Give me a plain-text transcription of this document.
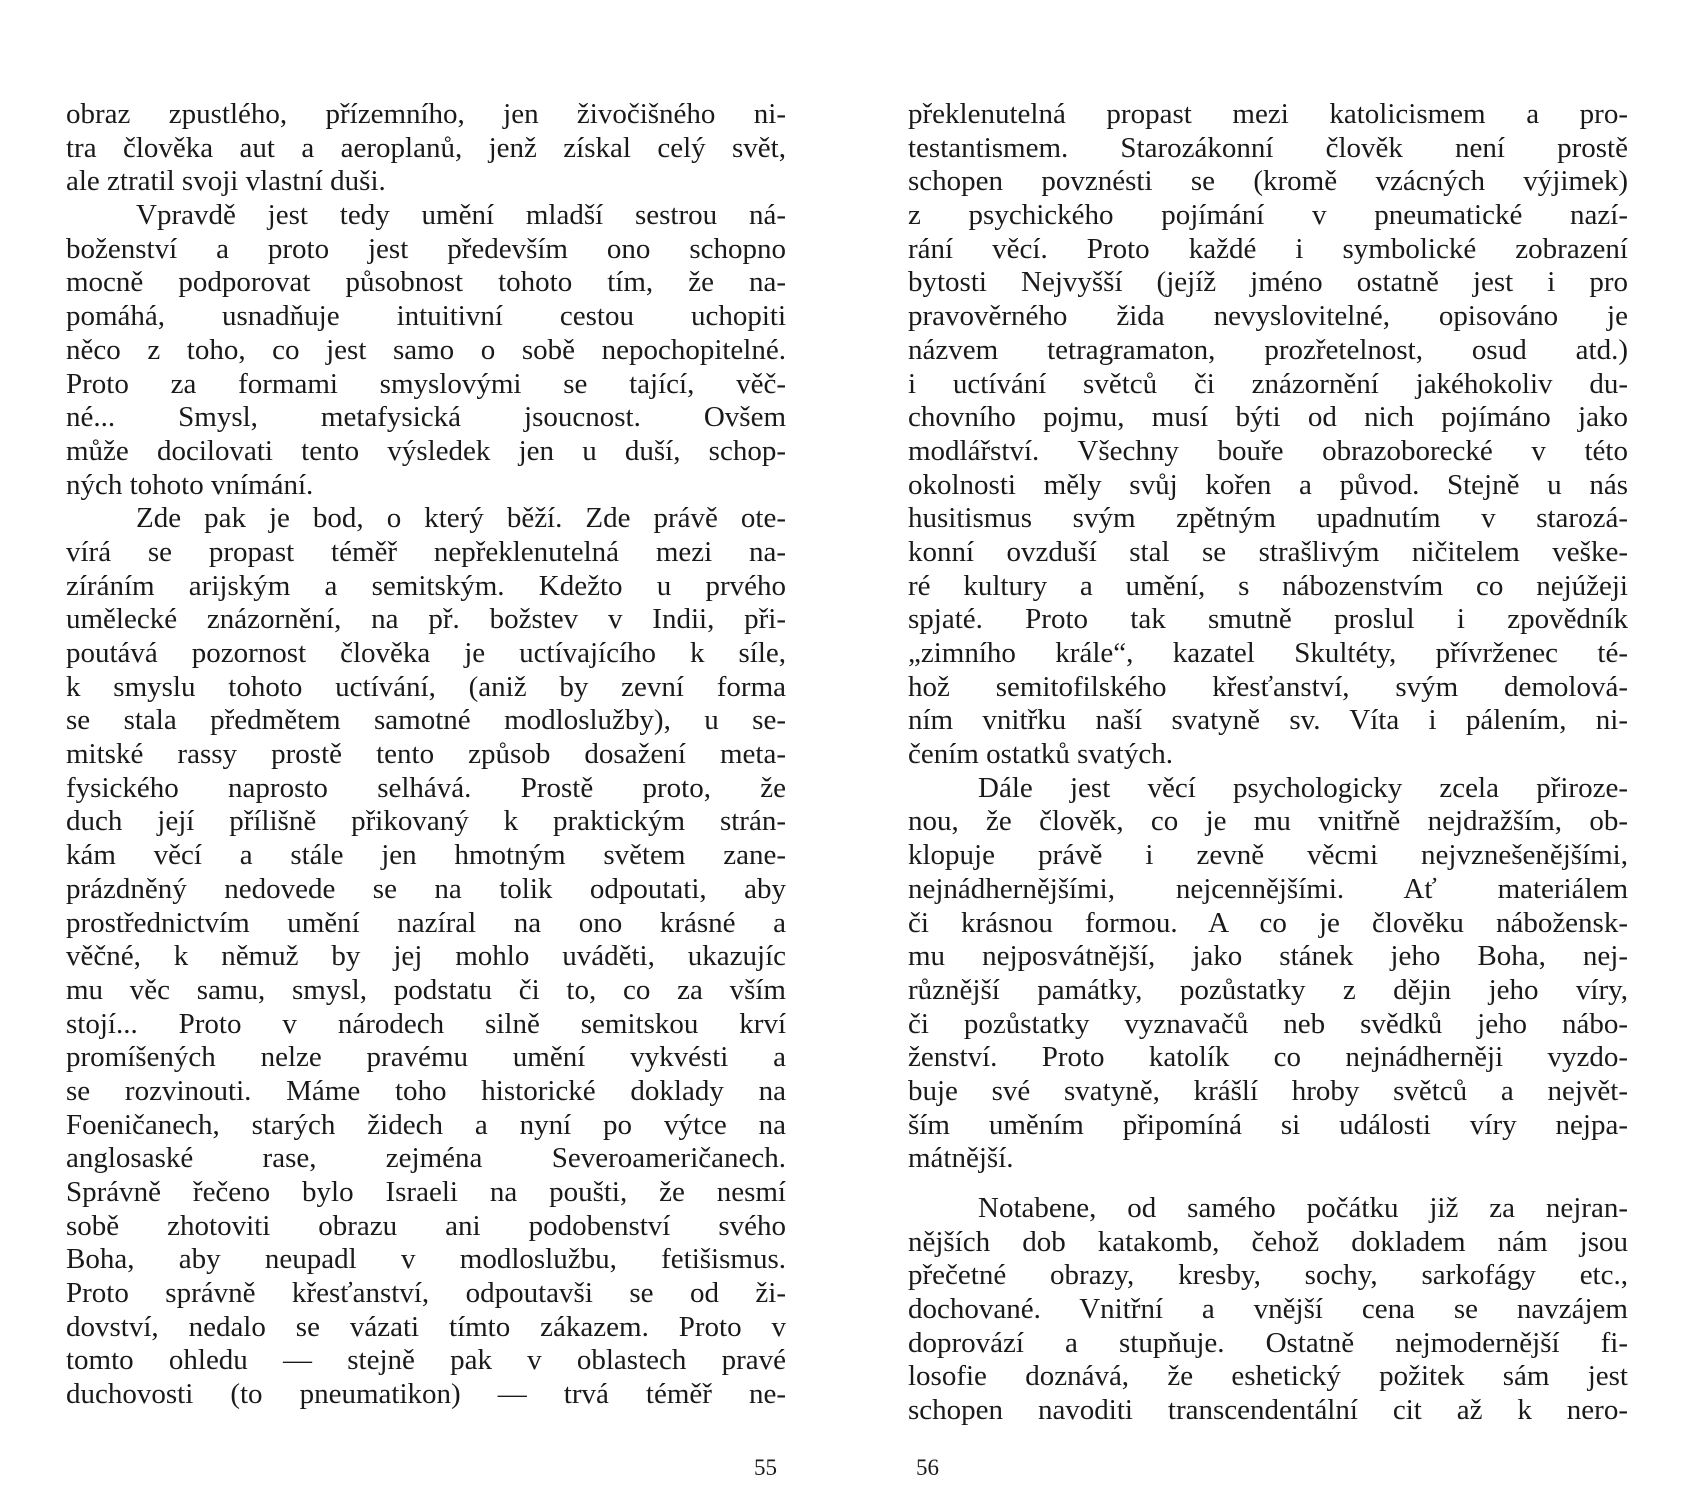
obraz zpustlého, přízemního, jen živočišného ni-
tra člověka aut a aeroplanů, jenž získal celý svět,
ale ztratil svoji vlastní duši.
Vpravdě jest tedy umění mladší sestrou ná-
boženství a proto jest především ono schopno
mocně podporovat působnost tohoto tím, že na-
pomáhá, usnadňuje intuitivní cestou uchopiti
něco z toho, co jest samo o sobě nepochopitelné.
Proto za formami smyslovými se tající, věč-
né... Smysl, metafysická jsoucnost. Ovšem
může docilovati tento výsledek jen u duší, schop-
ných tohoto vnímání.
Zde pak je bod, o který běží. Zde právě ote-
vírá se propast téměř nepřeklenutelná mezi na-
zíráním arijským a semitským. Kdežto u prvého
umělecké znázornění, na př. božstev v Indii, při-
poutává pozornost člověka je uctívajícího k síle,
k smyslu tohoto uctívání, (aniž by zevní forma
se stala předmětem samotné modloslužby), u se-
mitské rassy prostě tento způsob dosažení meta-
fysického naprosto selhává. Prostě proto, že
duch její přílišně přikovaný k praktickým strán-
kám věcí a stále jen hmotným světem zane-
prázdněný nedovede se na tolik odpoutati, aby
prostřednictvím umění nazíral na ono krásné a
věčné, k němuž by jej mohlo uváděti, ukazujíc
mu věc samu, smysl, podstatu či to, co za vším
stojí... Proto v národech silně semitskou krví
promíšených nelze pravému umění vykvésti a
se rozvinouti. Máme toho historické doklady na
Foeničanech, starých židech a nyní po výtce na
anglosaské rase, zejména Severoameričanech.
Správně řečeno bylo Israeli na poušti, že nesmí
sobě zhotoviti obrazu ani podobenství svého
Boha, aby neupadl v modloslužbu, fetišismus.
Proto správně křesťanství, odpoutavši se od ži-
dovství, nedalo se vázati tímto zákazem. Proto v
tomto ohledu — stejně pak v oblastech pravé
duchovosti (to pneumatikon) — trvá téměř ne-
překlenutelná propast mezi katolicismem a pro-
testantismem. Starozákonní člověk není prostě
schopen povznésti se (kromě vzácných výjimek)
z psychického pojímání v pneumatické nazí-
rání věcí. Proto každé i symbolické zobrazení
bytosti Nejvyšší (jejíž jméno ostatně jest i pro
pravověrného žida nevyslovitelné, opisováno je
názvem tetragramaton, prozřetelnost, osud atd.)
i uctívání světců či znázornění jakéhokoliv du-
chovního pojmu, musí býti od nich pojímáno jako
modlářství. Všechny bouře obrazoborecké v této
okolnosti měly svůj kořen a původ. Stejně u nás
husitismus svým zpětným upadnutím v starozá-
konní ovzduší stal se strašlivým ničitelem veške-
ré kultury a umění, s nábozenstvím co nejúžeji
spjaté. Proto tak smutně proslul i zpovědník
„zimního krále“, kazatel Skultéty, přívrženec té-
hož semitofilského křesťanství, svým demolová-
ním vnitřku naší svatyně sv. Víta i pálením, ni-
čením ostatků svatých.
Dále jest věcí psychologicky zcela přiroze-
nou, že člověk, co je mu vnitřně nejdražším, ob-
klopuje právě i zevně věcmi nejvznešenějšími,
nejnádhernějšími, nejcennějšími. Ať materiálem
či krásnou formou. A co je člověku nábožensk-
mu nejposvátnější, jako stánek jeho Boha, nej-
různější památky, pozůstatky z dějin jeho víry,
či pozůstatky vyznavačů neb svědků jeho nábo-
ženství. Proto katolík co nejnádherněji vyzdo-
buje své svatyně, krášlí hroby světců a největ-
ším uměním připomíná si události víry nejpa-
mátnější.
Notabene, od samého počátku již za nejran-
nějších dob katakomb, čehož dokladem nám jsou
přečetné obrazy, kresby, sochy, sarkofágy etc.,
dochované. Vnitřní a vnější cena se navzájem
doprovází a stupňuje. Ostatně nejmodernější fi-
losofie doznává, že eshetický požitek sám jest
schopen navoditi transcendentální cit až k nero-
55	56
